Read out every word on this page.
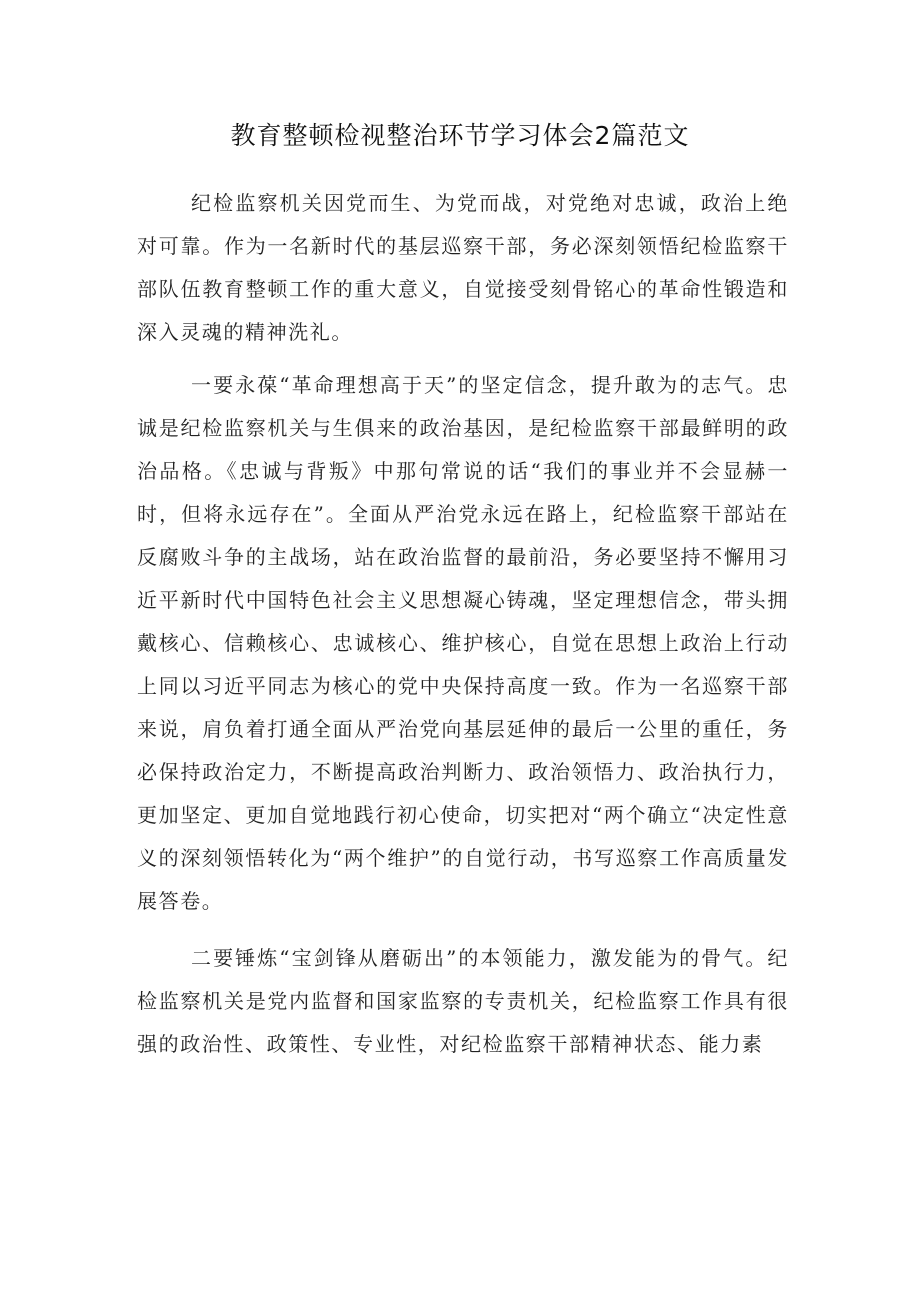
教育整顿检视整治环节学习体会2篇范文

纪检监察机关因党而生、为党而战，对党绝对忠诚，政治上绝对可靠。作为一名新时代的基层巡察干部，务必深刻领悟纪检监察干部队伍教育整顿工作的重大意义，自觉接受刻骨铭心的革命性锻造和深入灵魂的精神洗礼。

一要永葆“革命理想高于天”的坚定信念，提升敢为的志气。忠诚是纪检监察机关与生俱来的政治基因，是纪检监察干部最鲜明的政治品格。《忠诚与背叛》中那句常说的话“我们的事业并不会显赫一时，但将永远存在”。全面从严治党永远在路上，纪检监察干部站在反腐败斗争的主战场，站在政治监督的最前沿，务必要坚持不懈用习近平新时代中国特色社会主义思想凝心铸魂，坚定理想信念，带头拥戴核心、信赖核心、忠诚核心、维护核心，自觉在思想上政治上行动上同以习近平同志为核心的党中央保持高度一致。作为一名巡察干部来说，肩负着打通全面从严治党向基层延伸的最后一公里的重任，务必保持政治定力，不断提高政治判断力、政治领悟力、政治执行力，更加坚定、更加自觉地践行初心使命，切实把对“两个确立“决定性意义的深刻领悟转化为“两个维护”的自觉行动，书写巡察工作高质量发展答卷。

二要锤炼“宝剑锋从磨砺出”的本领能力，激发能为的骨气。纪检监察机关是党内监督和国家监察的专责机关，纪检监察工作具有很强的政治性、政策性、专业性，对纪检监察干部精神状态、能力素
